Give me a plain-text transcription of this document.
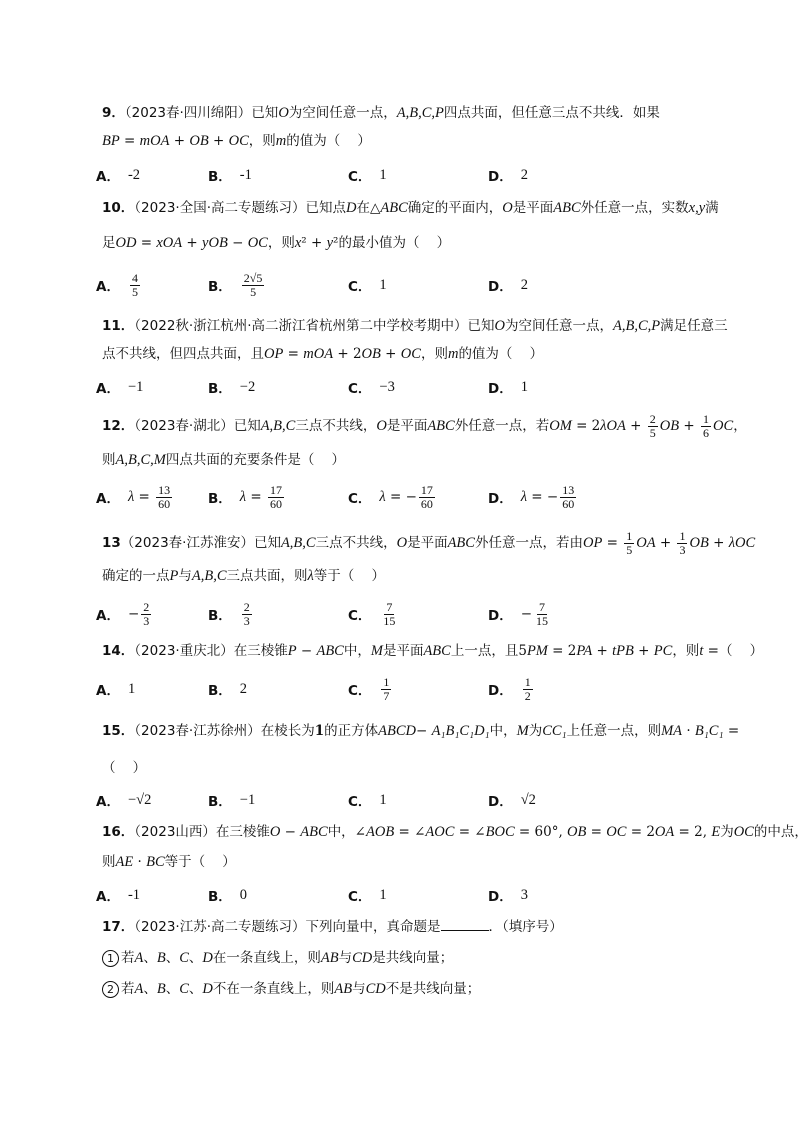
9．（2023春·四川绵阳）已知O为空间任意一点，A,B,C,P四点共面，但任意三点不共线．如果
BP = mOA + OB + OC，则m的值为（    ）
A． -2	B． -1	C． 1	D． 2
10．（2023·全国·高二专题练习）已知点D在△ABC确定的平面内，O是平面ABC外任意一点，实数x,y满
足OD = xOA + yOB − OC，则x² + y²的最小值为（    ）
A． $\frac{4}{5}$	B． $\frac{2√5}{5}$	C． 1	D． 2
11．（2022秋·浙江杭州·高二浙江省杭州第二中学校考期中）已知O为空间任意一点，A,B,C,P满足任意三
点不共线，但四点共面，且OP = mOA + 2OB + OC，则m的值为（    ）
A． −1	B． −2	C． −3	D． 1
12．（2023春·湖北）已知A,B,C三点不共线，O是平面ABC外任意一点，若OM = $2\lambda OA + \frac{2}{5}$ OB + $\frac{1}{6}$ OC，
则A,B,C,M四点共面的充要条件是（    ）
A． $\lambda = \frac{13}{60}$	B． $\lambda = \frac{17}{60}$	C． λ = − $\frac{17}{60}$	D． λ = − $\frac{13}{60}$
13（2023春·江苏淮安）已知A,B,C三点不共线，O是平面ABC外任意一点，若由OP = $\frac{1}{5}$ OA + $\frac{1}{3}$ OB + λOC
确定的一点P与A,B,C三点共面，则λ等于（    ）
A． − $\frac{2}{3}$	B． $\frac{2}{3}$	C． $\frac{7}{15}$	D． − $\frac{7}{15}$
14．（2023·重庆北）在三棱锥P − ABC中，M是平面ABC上一点，且5PM = 2PA + tPB + PC，则t =（    ）
A． 1	B． 2	C． $\frac{1}{7}$	D． $\frac{1}{2}$
15．（2023春·江苏徐州）在棱长为1的正方体ABCD− A₁B₁C₁D₁中，M为CC₁上任意一点，则MA · B₁C₁ =
（    ）
A． −√2	B． −1	C． 1	D． √2
16．（2023山西）在三棱锥O − ABC中，∠AOB = ∠AOC = ∠BOC = 60°, OB = OC = 2OA = 2, E为OC的中点，
则AE · BC等于（    ）
A． -1	B． 0	C． 1	D． 3
17．（2023·江苏·高二专题练习）下列向量中，真命题是	．（填序号）
1 若A、B、C、D在一条直线上，则AB与CD是共线向量；
2 若A、B、C、D不在一条直线上，则AB与CD不是共线向量；
